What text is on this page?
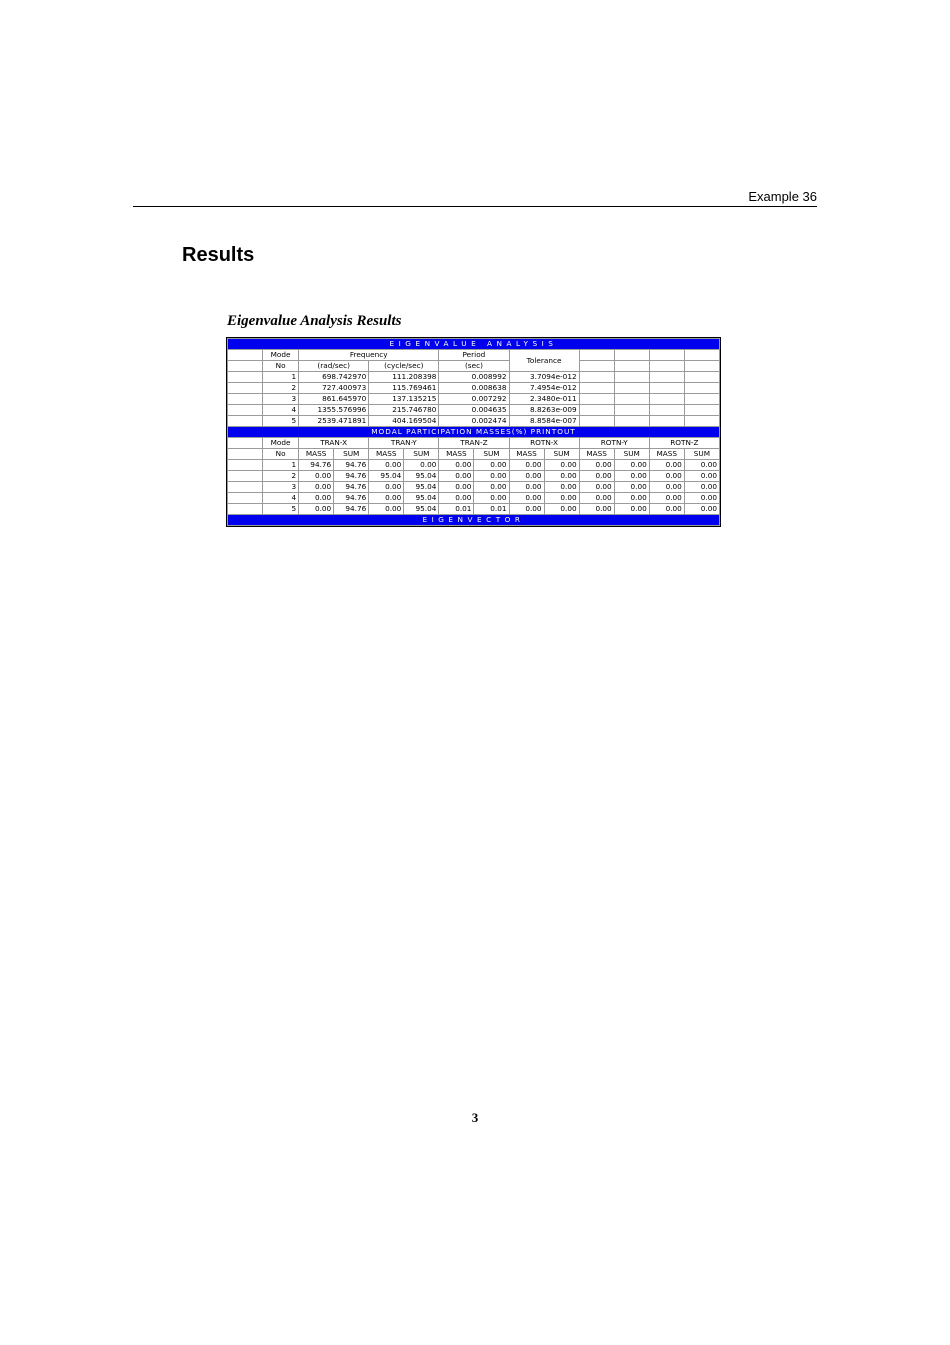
Example 36
Results
Eigenvalue Analysis Results
EIGENVALUE ANALYSIS													
	Mode	Frequency				Period		Tolerance					
	No	(rad/sec)		(cycle/sec)		(sec)							
	1	698.742970		111.208398		0.008992		3.7094e-012					
	2	727.400973		115.769461		0.008638		7.4954e-012					
	3	861.645970		137.135215		0.007292		2.3480e-011					
	4	1355.576996		215.746780		0.004635		8.8263e-009					
	5	2539.471891		404.169504		0.002474		8.8584e-007					
MODAL PARTICIPATION MASSES(%) PRINTOUT													
	Mode	TRAN-X		TRAN-Y		TRAN-Z		ROTN-X		ROTN-Y		ROTN-Z	
	No	MASS	SUM	MASS	SUM	MASS	SUM	MASS	SUM	MASS	SUM	MASS	SUM
	1	94.76	94.76	0.00	0.00	0.00	0.00	0.00	0.00	0.00	0.00	0.00	0.00
	2	0.00	94.76	95.04	95.04	0.00	0.00	0.00	0.00	0.00	0.00	0.00	0.00
	3	0.00	94.76	0.00	95.04	0.00	0.00	0.00	0.00	0.00	0.00	0.00	0.00
	4	0.00	94.76	0.00	95.04	0.00	0.00	0.00	0.00	0.00	0.00	0.00	0.00
	5	0.00	94.76	0.00	95.04	0.01	0.01	0.00	0.00	0.00	0.00	0.00	0.00
EIGENVECTOR													
3
